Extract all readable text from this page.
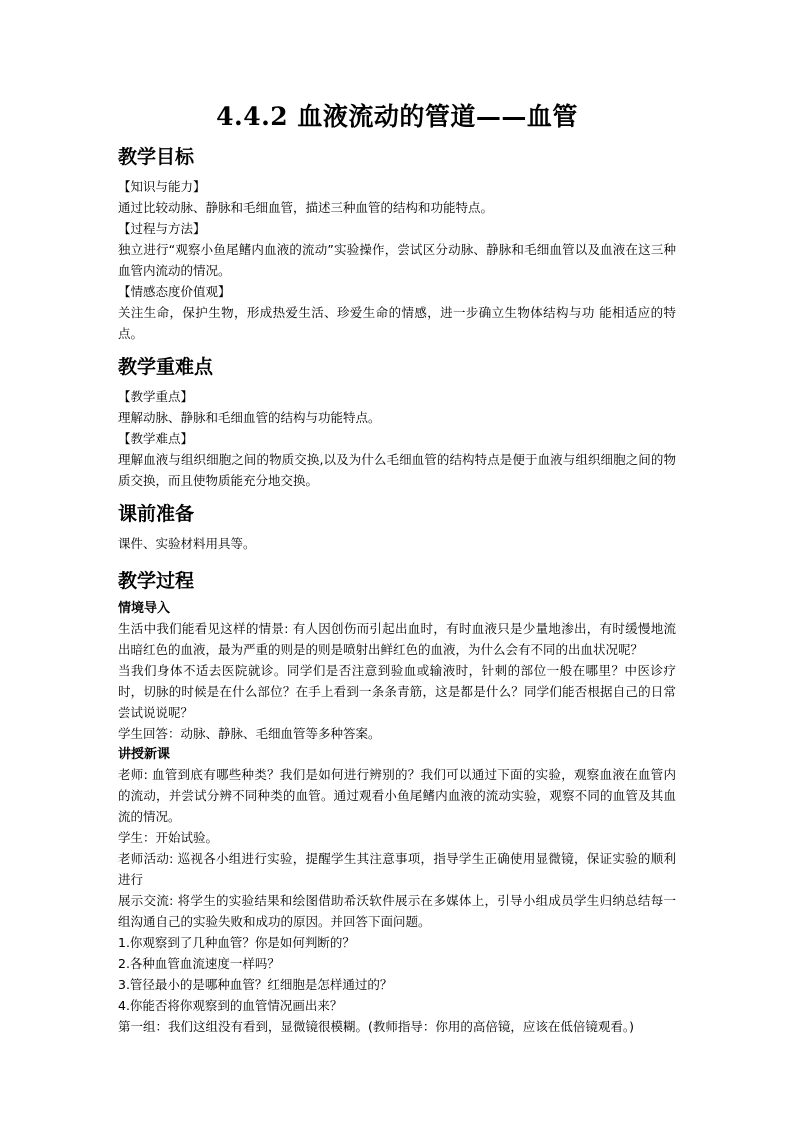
4.4.2 血液流动的管道——血管
教学目标

【知识与能力】

通过比较动脉、静脉和毛细血管，描述三种血管的结构和功能特点。

【过程与方法】

独立进行“观察小鱼尾鳍内血液的流动”实验操作，尝试区分动脉、静脉和毛细血管以及血液在这三种血管内流动的情况。

【情感态度价值观】

关注生命，保护生物，形成热爱生活、珍爱生命的情感，进一步确立生物体结构与功 能相适应的特点。

教学重难点

【教学重点】

理解动脉、静脉和毛细血管的结构与功能特点。

【教学难点】

理解血液与组织细胞之间的物质交换,以及为什么毛细血管的结构特点是便于血液与组织细胞之间的物质交换，而且使物质能充分地交换。

课前准备

课件、实验材料用具等。

教学过程
情境导入

生活中我们能看见这样的情景: 有人因创伤而引起出血时，有时血液只是少量地渗出，有时缓慢地流出暗红色的血液，最为严重的则是的则是喷射出鲜红色的血液，为什么会有不同的出血状况呢？

当我们身体不适去医院就诊。同学们是否注意到验血或输液时，针刺的部位一般在哪里？中医诊疗时，切脉的时候是在什么部位？在手上看到一条条青筋，这是都是什么？同学们能否根据自己的日常尝试说说呢？

学生回答：动脉、静脉、毛细血管等多种答案。

讲授新课

老师: 血管到底有哪些种类？我们是如何进行辨别的？我们可以通过下面的实验，观察血液在血管内的流动，并尝试分辨不同种类的血管。通过观看小鱼尾鳍内血液的流动实验，观察不同的血管及其血流的情况。

学生：开始试验。

老师活动: 巡视各小组进行实验，提醒学生其注意事项，指导学生正确使用显微镜，保证实验的顺利进行

展示交流: 将学生的实验结果和绘图借助希沃软件展示在多媒体上，引导小组成员学生归纳总结每一组沟通自己的实验失败和成功的原因。并回答下面问题。

1.你观察到了几种血管？你是如何判断的？

2.各种血管血流速度一样吗？

3.管径最小的是哪种血管？红细胞是怎样通过的？

4.你能否将你观察到的血管情况画出来？

第一组：我们这组没有看到，显微镜很模糊。(教师指导：你用的高倍镜，应该在低倍镜观看。)
